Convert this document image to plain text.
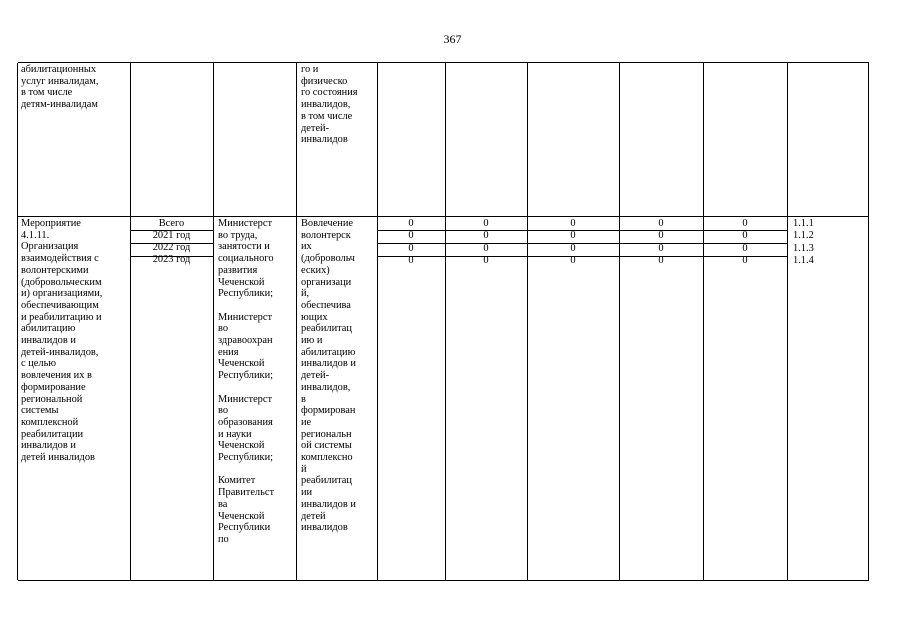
367
абилитационных
услуг инвалидам,
в том числе
детям-инвалидам
го и
физическо
го состояния
инвалидов,
в том числе
детей-
инвалидов
Мероприятие
4.1.11.
Организация
взаимодействия с
волонтерскими
(добровольческим
и) организациями,
обеспечивающим
и реабилитацию и
абилитацию
инвалидов и
детей-инвалидов,
с целью
вовлечения их в
формирование
региональной
системы
комплексной
реабилитации
инвалидов и
детей инвалидов
Всего
2021 год
2022 год
2023 год
Министерст
во труда,
занятости и
социального
развития
Чеченской
Республики;

Министерст
во
здравоохран
ения
Чеченской
Республики;

Министерст
во
образования
и науки
Чеченской
Республики;

Комитет
Правительст
ва
Чеченской
Республики
по
Вовлечение
волонтерск
их
(добровольч
еских)
организаци
й,
обеспечива
ющих
реабилитац
ию и
абилитацию
инвалидов и
детей-
инвалидов,
в
формирован
ие
региональн
ой системы
комплексно
й
реабилитац
ии
инвалидов и
детей
инвалидов
0
0
0
0
0
0
0
0
0
0
0
0
0
0
0
0
0
0
0
0
1.1.1
1.1.2
1.1.3
1.1.4
